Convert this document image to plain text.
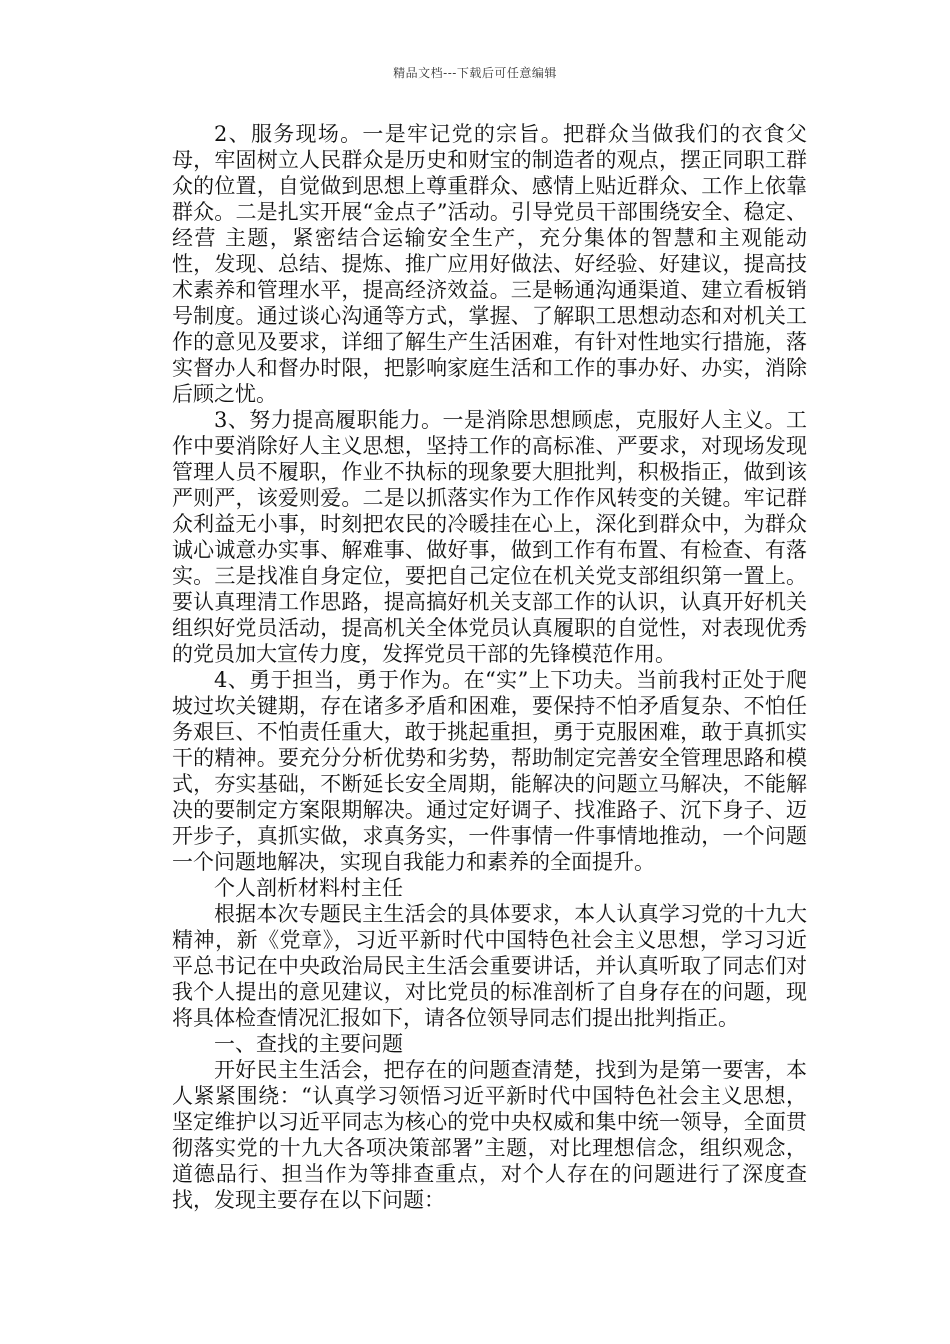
精品文档---下载后可任意编辑

2、服务现场。一是牢记党的宗旨。把群众当做我们的衣食父母，牢固树立人民群众是历史和财宝的制造者的观点，摆正同职工群众的位置，自觉做到思想上尊重群众、感情上贴近群众、工作上依靠群众。二是扎实开展“金点子”活动。引导党员干部围绕安全、稳定、经营 主题，紧密结合运输安全生产，充分集体的智慧和主观能动性，发现、总结、提炼、推广应用好做法、好经验、好建议，提高技术素养和管理水平，提高经济效益。三是畅通沟通渠道、建立看板销号制度。通过谈心沟通等方式，掌握、了解职工思想动态和对机关工作的意见及要求，详细了解生产生活困难，有针对性地实行措施，落实督办人和督办时限，把影响家庭生活和工作的事办好、办实，消除后顾之忧。

3、努力提高履职能力。一是消除思想顾虑，克服好人主义。工作中要消除好人主义思想，坚持工作的高标准、严要求，对现场发现管理人员不履职，作业不执标的现象要大胆批判，积极指正，做到该严则严，该爱则爱。二是以抓落实作为工作作风转变的关键。牢记群众利益无小事，时刻把农民的冷暖挂在心上，深化到群众中，为群众诚心诚意办实事、解难事、做好事，做到工作有布置、有检查、有落实。三是找准自身定位，要把自己定位在机关党支部组织第一置上。要认真理清工作思路，提高搞好机关支部工作的认识，认真开好机关组织好党员活动，提高机关全体党员认真履职的自觉性，对表现优秀的党员加大宣传力度，发挥党员干部的先锋模范作用。

4、勇于担当，勇于作为。在“实”上下功夫。当前我村正处于爬坡过坎关键期，存在诸多矛盾和困难，要保持不怕矛盾复杂、不怕任务艰巨、不怕责任重大，敢于挑起重担，勇于克服困难，敢于真抓实干的精神。要充分分析优势和劣势，帮助制定完善安全管理思路和模式，夯实基础，不断延长安全周期，能解决的问题立马解决，不能解决的要制定方案限期解决。通过定好调子、找准路子、沉下身子、迈开步子，真抓实做，求真务实，一件事情一件事情地推动，一个问题一个问题地解决，实现自我能力和素养的全面提升。

个人剖析材料村主任

根据本次专题民主生活会的具体要求，本人认真学习党的十九大精神，新《党章》，习近平新时代中国特色社会主义思想，学习习近平总书记在中央政治局民主生活会重要讲话，并认真听取了同志们对我个人提出的意见建议，对比党员的标准剖析了自身存在的问题，现将具体检查情况汇报如下，请各位领导同志们提出批判指正。

一、查找的主要问题

开好民主生活会，把存在的问题查清楚，找到为是第一要害，本人紧紧围绕：“认真学习领悟习近平新时代中国特色社会主义思想，坚定维护以习近平同志为核心的党中央权威和集中统一领导，全面贯彻落实党的十九大各项决策部署”主题，对比理想信念，组织观念，道德品行、担当作为等排查重点，对个人存在的问题进行了深度查找，发现主要存在以下问题：
